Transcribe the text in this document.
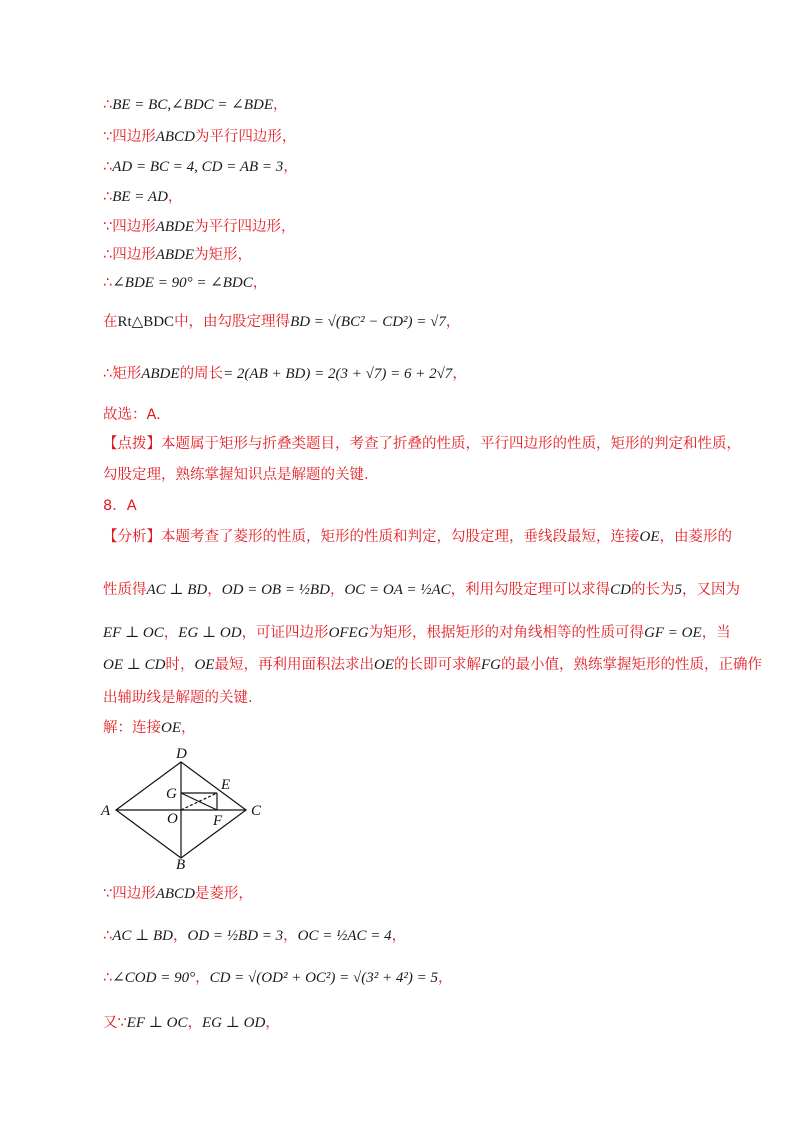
∴BE = BC,∠BDC = ∠BDE，
∵四边形ABCD为平行四边形，
∴AD = BC = 4, CD = AB = 3，
∴BE = AD，
∵四边形ABDE为平行四边形，
∴四边形ABDE为矩形，
∴∠BDE = 90° = ∠BDC，
在Rt△BDC中，由勾股定理得BD = √(BC² − CD²) = √7，
∴矩形ABDE的周长= 2(AB + BD) = 2(3 + √7) = 6 + 2√7，
故选：A.
【点拨】本题属于矩形与折叠类题目，考查了折叠的性质，平行四边形的性质，矩形的判定和性质，
勾股定理，熟练掌握知识点是解题的关键.
8．A
【分析】本题考查了菱形的性质，矩形的性质和判定，勾股定理，垂线段最短，连接OE，由菱形的
性质得AC ⊥ BD，OD = OB = ½BD，OC = OA = ½AC，利用勾股定理可以求得CD的长为5，又因为
EF ⊥ OC，EG ⊥ OD，可证四边形OFEG为矩形，根据矩形的对角线相等的性质可得GF = OE，当
OE ⊥ CD时，OE最短，再利用面积法求出OE的长即可求解FG的最小值，熟练掌握矩形的性质，正确作
出辅助线是解题的关键.
解：连接OE，
D
A	C
B
O
G
E
F
∵四边形ABCD是菱形，
∴AC ⊥ BD，OD = ½BD = 3，OC = ½AC = 4，
∴∠COD = 90°，CD = √(OD² + OC²) = √(3² + 4²) = 5，
又∵EF ⊥ OC，EG ⊥ OD，
